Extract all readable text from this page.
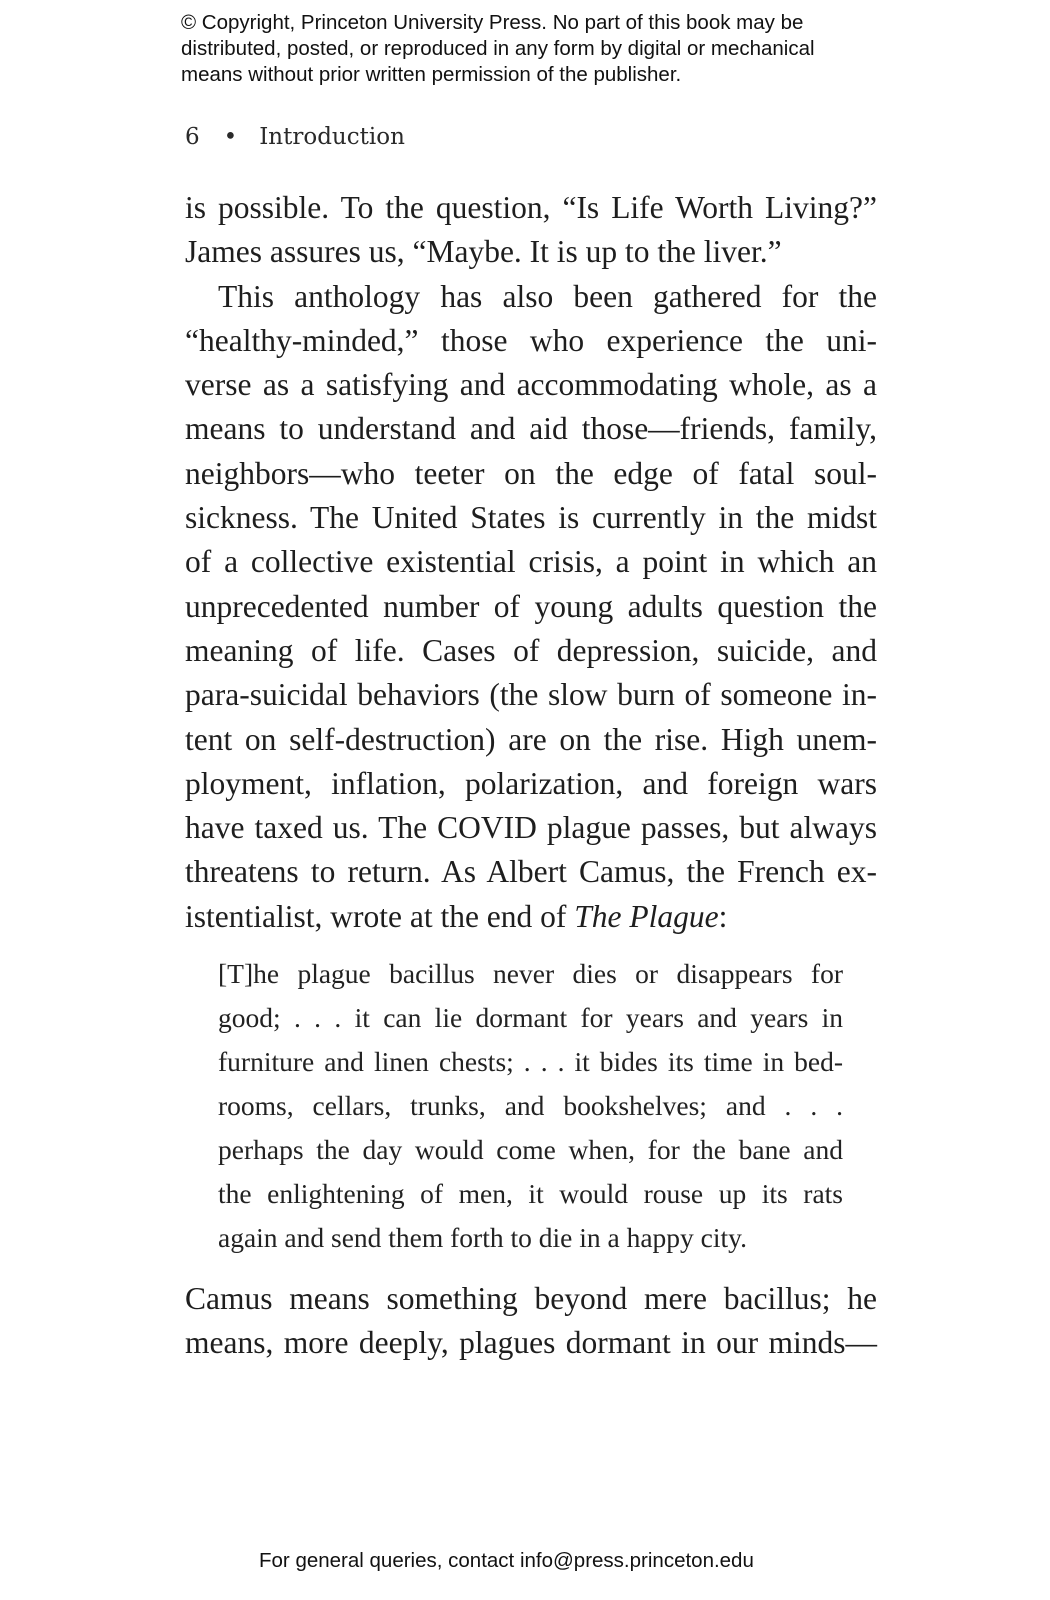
© Copyright, Princeton University Press. No part of this book may be
distributed, posted, or reproduced in any form by digital or mechanical
means without prior written permission of the publisher.
6 • Introduction
is possible. To the question, “Is Life Worth Living?”
James assures us, “Maybe. It is up to the liver.”
This anthology has also been gathered for the
“healthy-minded,” those who experience the uni-
verse as a satisfying and accommodating whole, as a
means to understand and aid those—friends, family,
neighbors—who teeter on the edge of fatal soul-
sickness. The United States is currently in the midst
of a collective existential crisis, a point in which an
unprecedented number of young adults question the
meaning of life. Cases of depression, suicide, and
para-suicidal behaviors (the slow burn of someone in-
tent on self-destruction) are on the rise. High unem-
ployment, inflation, polarization, and foreign wars
have taxed us. The COVID plague passes, but always
threatens to return. As Albert Camus, the French ex-
istentialist, wrote at the end of The Plague:
[T]he plague bacillus never dies or disappears for
good; . . . it can lie dormant for years and years in
furniture and linen chests; . . . it bides its time in bed-
rooms, cellars, trunks, and bookshelves; and . . .
perhaps the day would come when, for the bane and
the enlightening of men, it would rouse up its rats
again and send them forth to die in a happy city.
Camus means something beyond mere bacillus; he
means, more deeply, plagues dormant in our minds—
For general queries, contact info@press.princeton.edu
